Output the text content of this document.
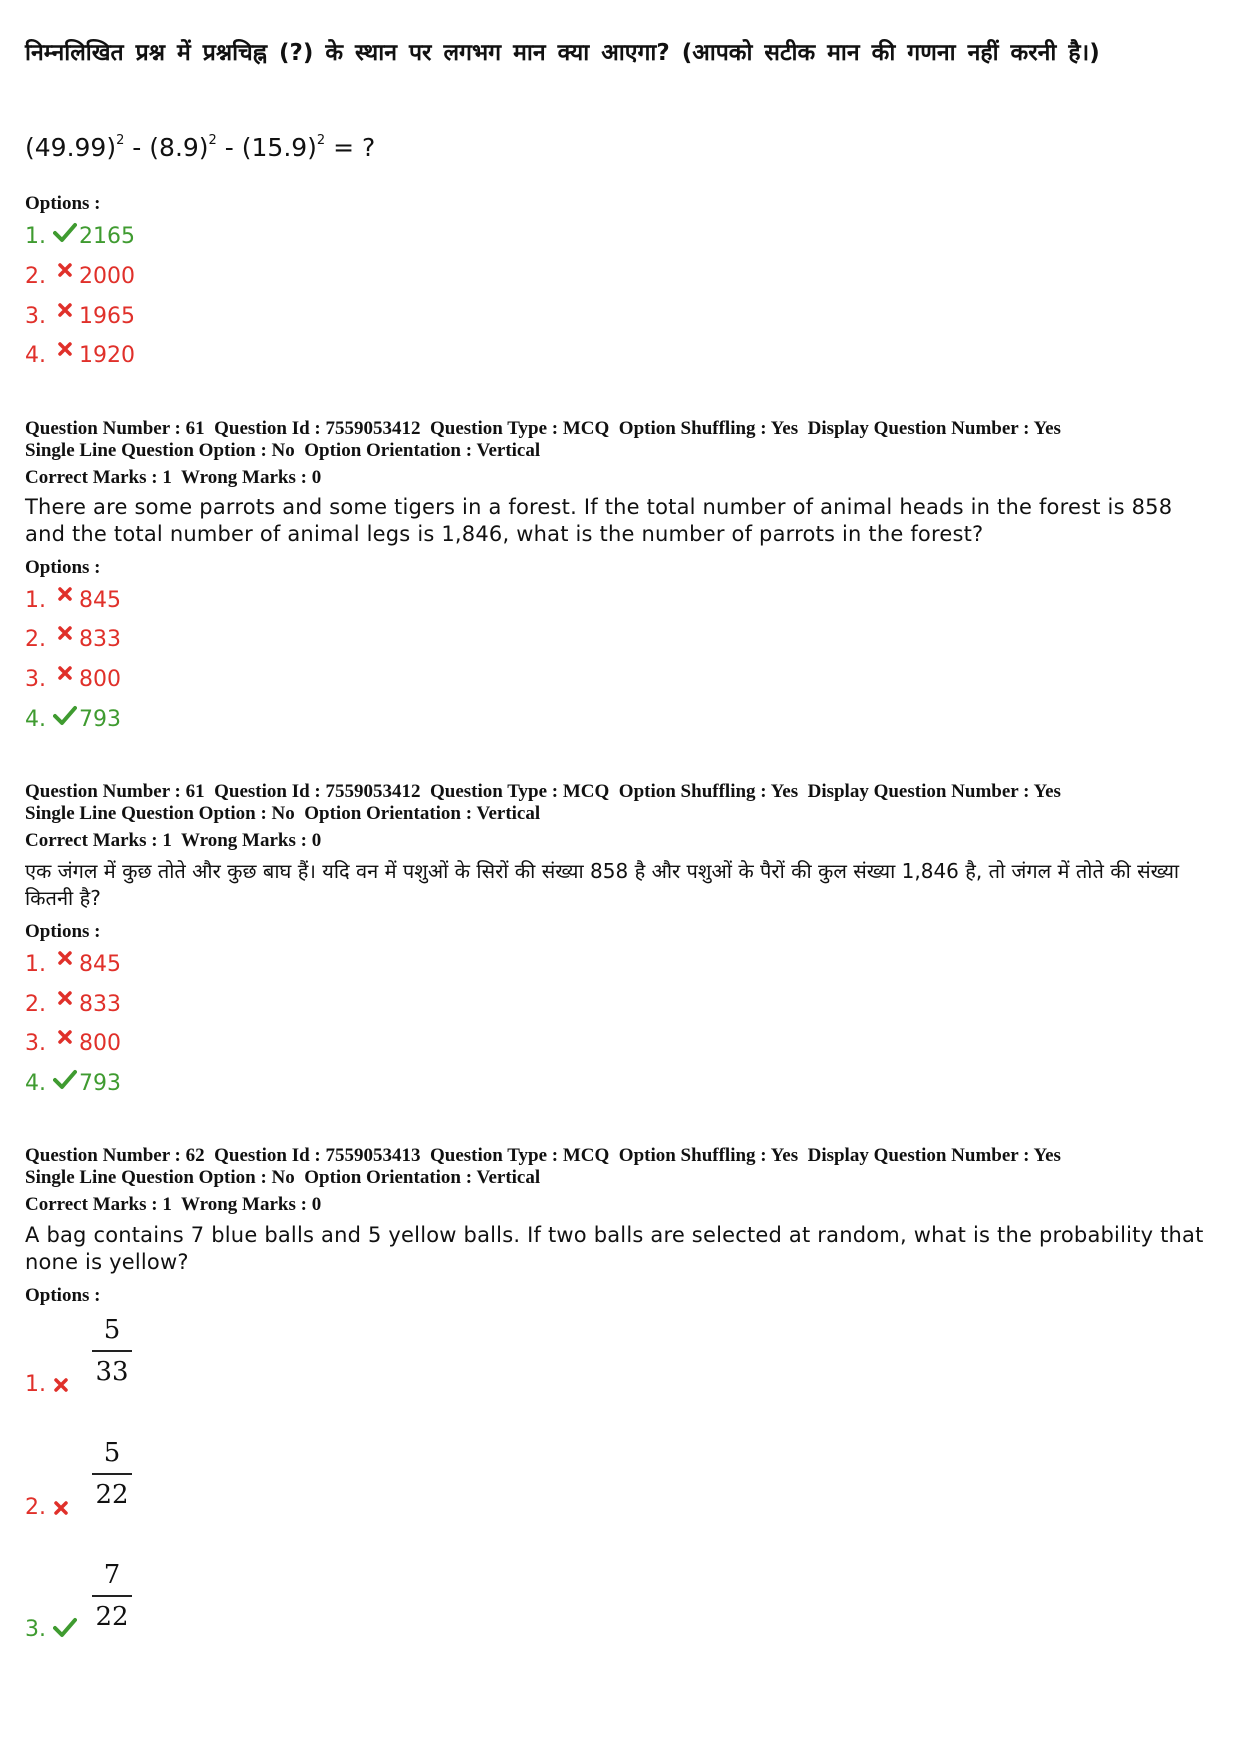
निम्नलिखित प्रश्न में प्रश्नचिह्न (?) के स्थान पर लगभग मान क्या आएगा? (आपको सटीक मान की गणना नहीं करनी है।)
$(49.99)^2 - (8.9)^2 - (15.9)^2$ = ?
Options :
1. 2165
2. 2000
3. 1965
4. 1920
Question Number : 61  Question Id : 7559053412  Question Type : MCQ  Option Shuffling : Yes  Display Question Number : Yes
Single Line Question Option : No  Option Orientation : Vertical
Correct Marks : 1  Wrong Marks : 0
There are some parrots and some tigers in a forest. If the total number of animal heads in the forest is 858 and the total number of animal legs is 1,846, what is the number of parrots in the forest?
Options :
1. 845
2. 833
3. 800
4. 793
Question Number : 61  Question Id : 7559053412  Question Type : MCQ  Option Shuffling : Yes  Display Question Number : Yes
Single Line Question Option : No  Option Orientation : Vertical
Correct Marks : 1  Wrong Marks : 0
एक जंगल में कुछ तोते और कुछ बाघ हैं। यदि वन में पशुओं के सिरों की संख्या 858 है और पशुओं के पैरों की कुल संख्या 1,846 है, तो जंगल में तोते की संख्या कितनी है?
Options :
1. 845
2. 833
3. 800
4. 793
Question Number : 62  Question Id : 7559053413  Question Type : MCQ  Option Shuffling : Yes  Display Question Number : Yes
Single Line Question Option : No  Option Orientation : Vertical
Correct Marks : 1  Wrong Marks : 0
A bag contains 7 blue balls and 5 yellow balls. If two balls are selected at random, what is the probability that none is yellow?
Options :
1.
5
33
2.
5
22
3.
7
22
